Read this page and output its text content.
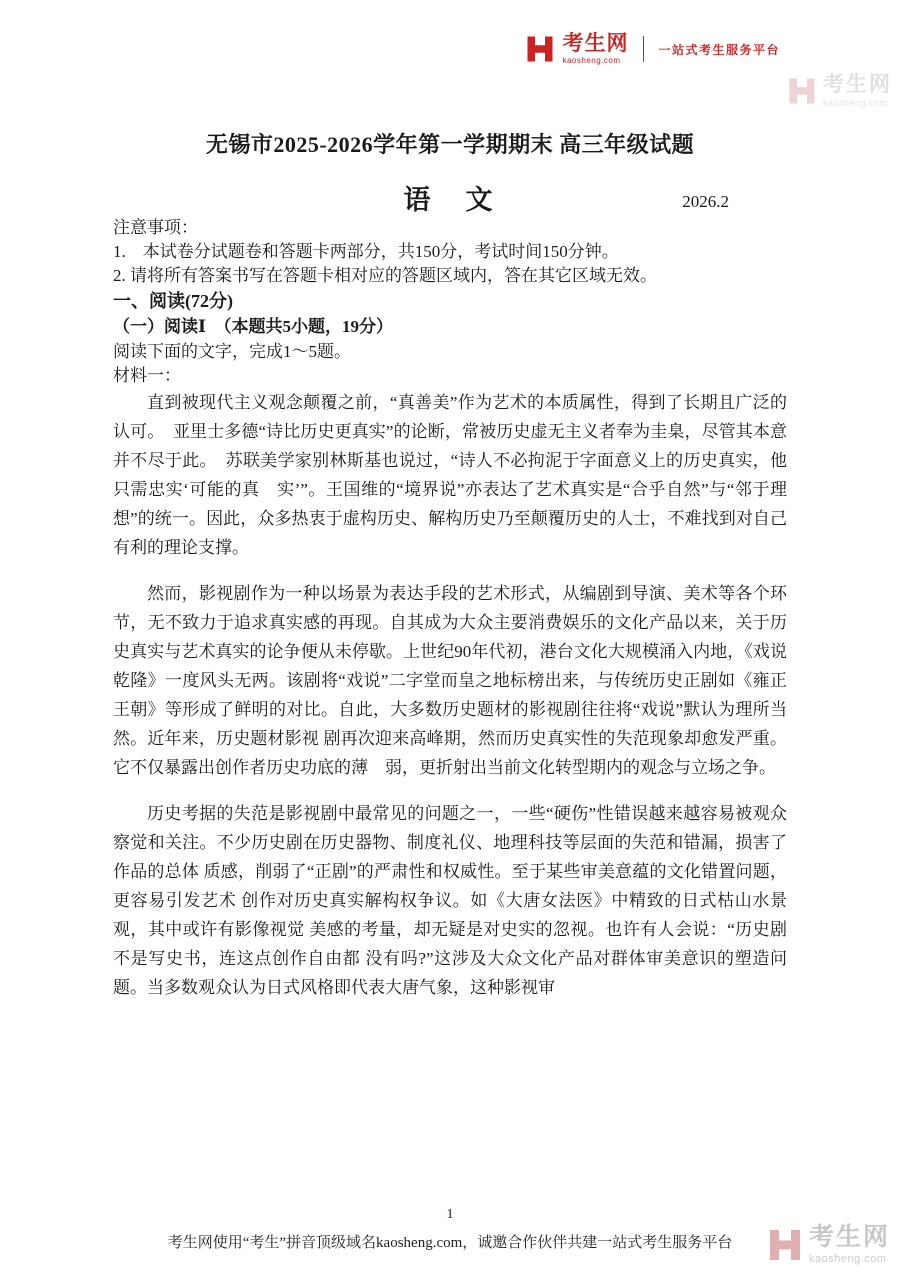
考生网
kaosheng.com
一站式考生服务平台
考生网
kaosheng.com
无锡市2025-2026学年第一学期期末 高三年级试题
语　文	2026.2

注意事项：

1.　本试卷分试题卷和答题卡两部分，共150分，考试时间150分钟。

2. 请将所有答案书写在答题卡相对应的答题区域内，答在其它区域无效。

一、阅读(72分)

（一）阅读Ⅰ　（本题共5小题，19分）

阅读下面的文字，完成1～5题。

材料一：

直到被现代主义观念颠覆之前，“真善美”作为艺术的本质属性，得到了长期且广泛的认可。　亚里士多德“诗比历史更真实”的论断，常被历史虚无主义者奉为圭臬，尽管其本意并不尽于此。　苏联美学家别林斯基也说过，“诗人不必拘泥于字面意义上的历史真实，他只需忠实‘可能的真　实’”。王国维的“境界说”亦表达了艺术真实是“合乎自然”与“邻于理想”的统一。因此，众多热衷于虚构历史、解构历史乃至颠覆历史的人士，不难找到对自己有利的理论支撑。

然而，影视剧作为一种以场景为表达手段的艺术形式，从编剧到导演、美术等各个环节，无不致力于追求真实感的再现。自其成为大众主要消费娱乐的文化产品以来，关于历史真实与艺术真实的论争便从未停歇。上世纪90年代初，港台文化大规模涌入内地，《戏说乾隆》一度风头无两。该剧将“戏说”二字堂而皇之地标榜出来，与传统历史正剧如《雍正王朝》等形成了鲜明的对比。自此，大多数历史题材的影视剧往往将“戏说”默认为理所当然。近年来，历史题材影视 剧再次迎来高峰期，然而历史真实性的失范现象却愈发严重。它不仅暴露出创作者历史功底的薄　弱，更折射出当前文化转型期内的观念与立场之争。

历史考据的失范是影视剧中最常见的问题之一，一些“硬伤”性错误越来越容易被观众察觉和关注。不少历史剧在历史器物、制度礼仪、地理科技等层面的失范和错漏，损害了作品的总体 质感，削弱了“正剧”的严肃性和权威性。至于某些审美意蕴的文化错置问题，更容易引发艺术 创作对历史真实解构权争议。如《大唐女法医》中精致的日式枯山水景观，其中或许有影像视觉 美感的考量，却无疑是对史实的忽视。也许有人会说：“历史剧不是写史书，连这点创作自由都 没有吗?”这涉及大众文化产品对群体审美意识的塑造问题。当多数观众认为日式风格即代表大唐气象，这种影视审

1
考生网使用“考生”拼音顶级域名kaosheng.com，诚邀合作伙伴共建一站式考生服务平台	考生网
kaosheng.com
